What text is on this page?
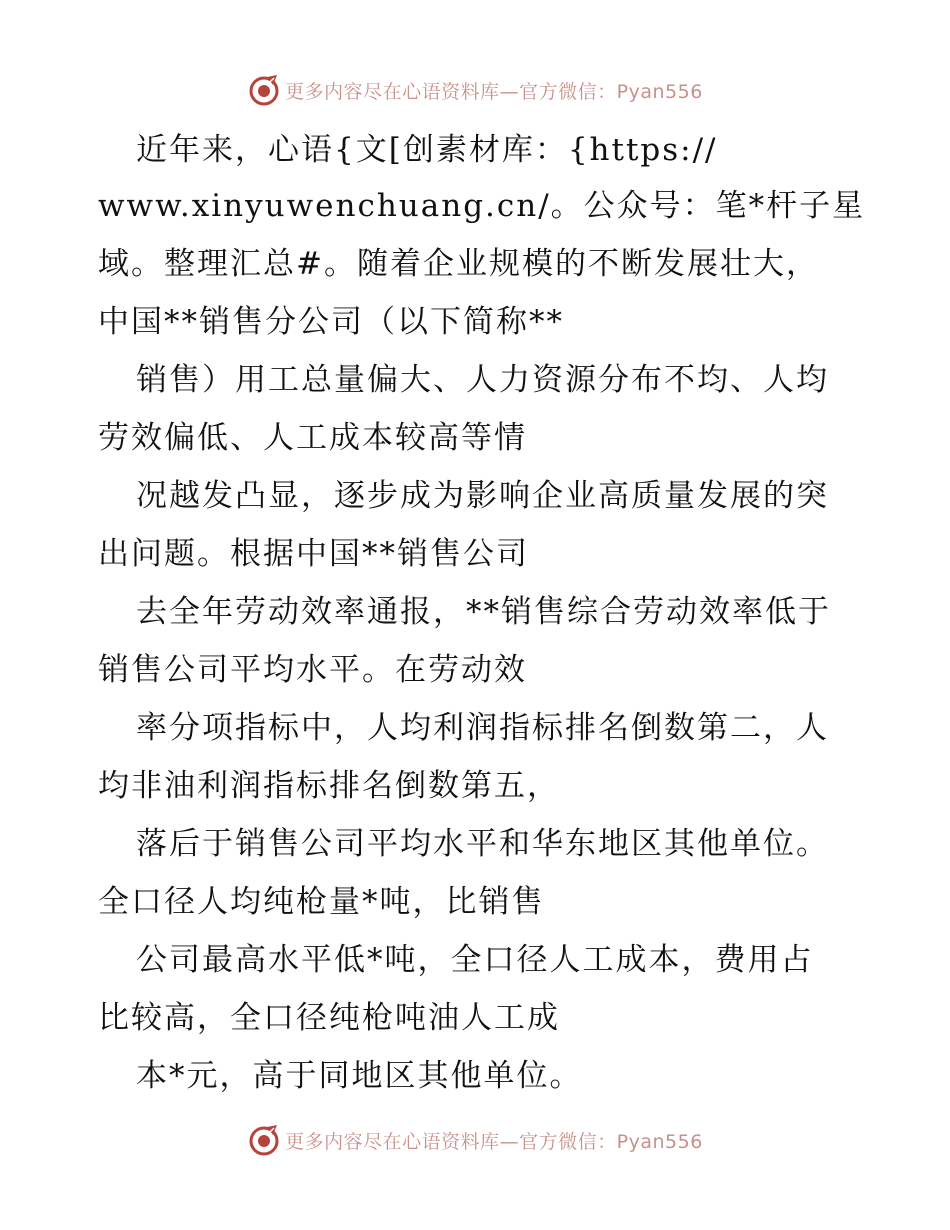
更多内容尽在心语资料库—官方微信：Pyan556
近年来，心语{文[创素材库：{https://
www.xinyuwenchuang.cn/。公众号：笔*杆子星
域。整理汇总#。随着企业规模的不断发展壮大，
中国**销售分公司（以下简称**
销售）用工总量偏大、人力资源分布不均、人均
劳效偏低、人工成本较高等情
况越发凸显，逐步成为影响企业高质量发展的突
出问题。根据中国**销售公司
去全年劳动效率通报，**销售综合劳动效率低于
销售公司平均水平。在劳动效
率分项指标中，人均利润指标排名倒数第二，人
均非油利润指标排名倒数第五，
落后于销售公司平均水平和华东地区其他单位。
全口径人均纯枪量*吨，比销售
公司最高水平低*吨，全口径人工成本，费用占
比较高，全口径纯枪吨油人工成
本*元，高于同地区其他单位。
更多内容尽在心语资料库—官方微信：Pyan556
